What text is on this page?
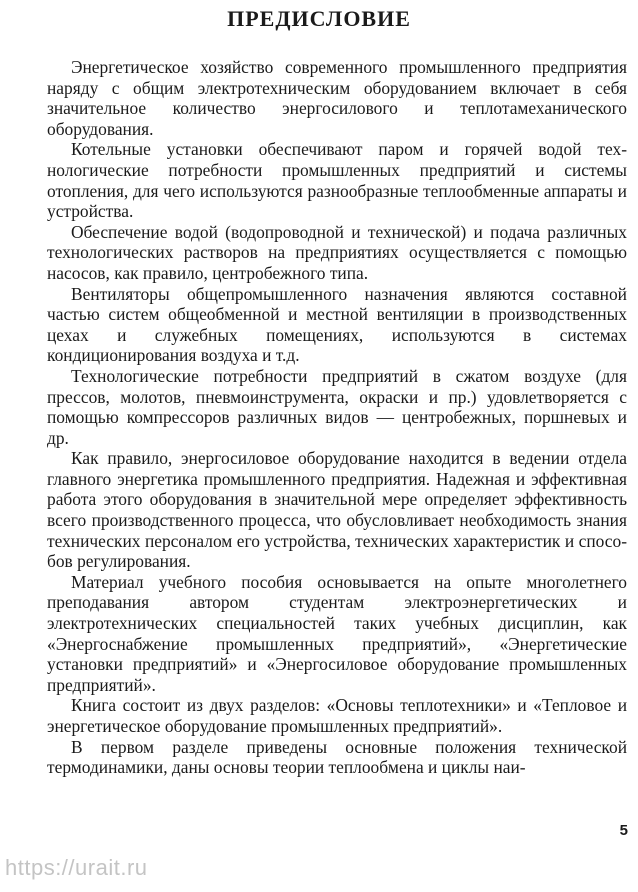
ПРЕДИСЛОВИЕ

Энергетическое хозяйство современного промышленного предприятия наряду с общим электротехническим оборудованием включает в себя значительное количество энергосилового и теплотамеханического оборудования.

Котельные установки обеспечивают паром и горячей водой технологические потребности промышленных предприятий и системы отопления, для чего используются разнообразные теплообменные аппараты и устройства.

Обеспечение водой (водопроводной и технической) и подача различных технологических растворов на предприятиях осуществляется с помощью насосов, как правило, центробежного типа.

Вентиляторы общепромышленного назначения являются составной частью систем общеобменной и местной вентиляции в производственных цехах и служебных помещениях, используются в системах кондиционирования воздуха и т.д.

Технологические потребности предприятий в сжатом воздухе (для прессов, молотов, пневмоинструмента, окраски и пр.) удовлетворяется с помощью компрессоров различных видов — центробежных, поршневых и др.

Как правило, энергосиловое оборудование находится в ведении отдела главного энергетика промышленного предприятия. Надежная и эффективная работа этого оборудования в значительной мере определяет эффективность всего производственного процесса, что обусловливает необходимость знания технических персоналом его устройства, технических характеристик и способов регулирования.

Материал учебного пособия основывается на опыте многолетнего преподавания автором студентам электроэнергетических и электротехнических специальностей таких учебных дисциплин, как «Энергоснабжение промышленных предприятий», «Энергетические установки предприятий» и «Энергосиловое оборудование промышленных предприятий».

Книга состоит из двух разделов: «Основы теплотехники» и «Тепловое и энергетическое оборудование промышленных предприятий».

В первом разделе приведены основные положения технической термодинамики, даны основы теории теплообмена и циклы наи-

5
https://urait.ru
